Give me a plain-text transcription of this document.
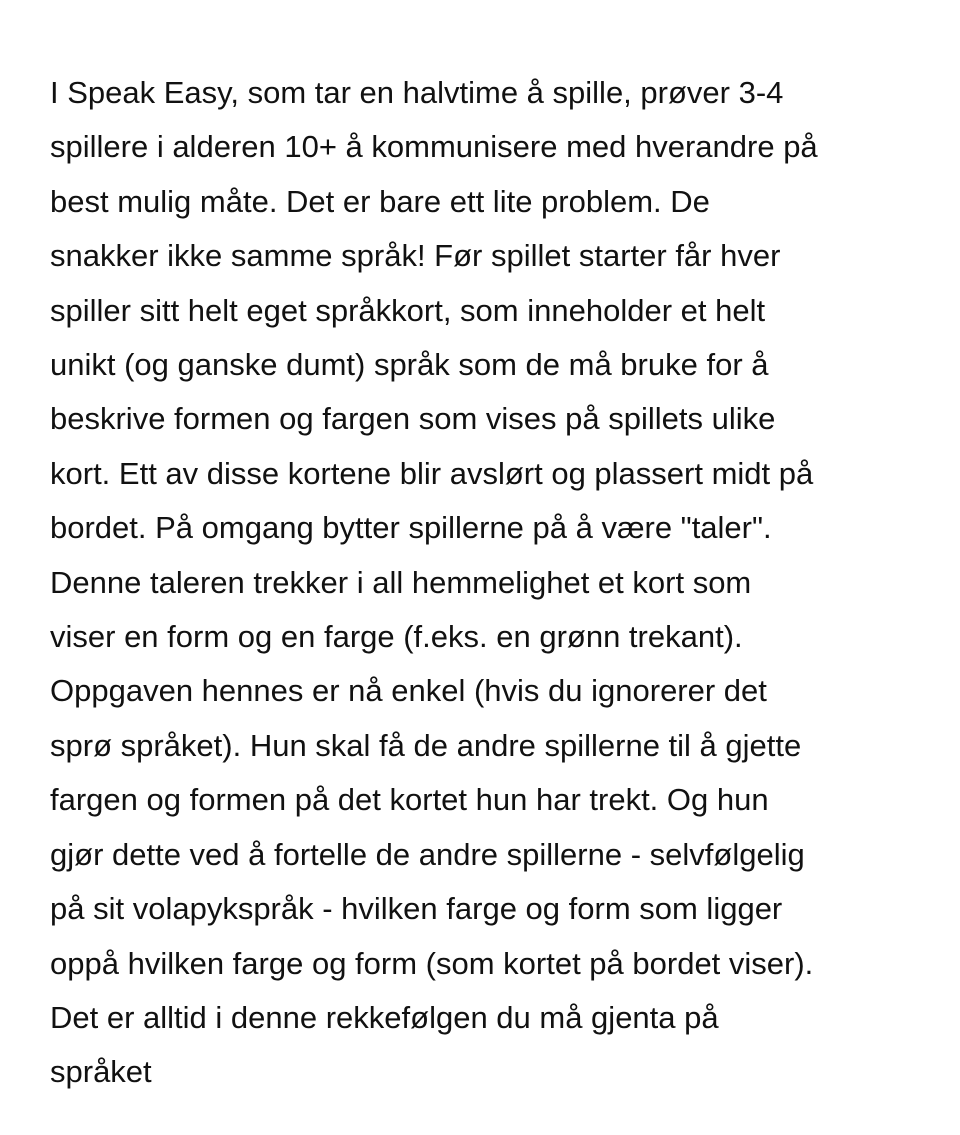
I Speak Easy, som tar en halvtime å spille, prøver 3-4
spillere i alderen 10+ å kommunisere med hverandre på
best mulig måte. Det er bare ett lite problem. De
snakker ikke samme språk! Før spillet starter får hver
spiller sitt helt eget språkkort, som inneholder et helt
unikt (og ganske dumt) språk som de må bruke for å
beskrive formen og fargen som vises på spillets ulike
kort. Ett av disse kortene blir avslørt og plassert midt på
bordet. På omgang bytter spillerne på å være "taler".
Denne taleren trekker i all hemmelighet et kort som
viser en form og en farge (f.eks. en grønn trekant).
Oppgaven hennes er nå enkel (hvis du ignorerer det
sprø språket). Hun skal få de andre spillerne til å gjette
fargen og formen på det kortet hun har trekt. Og hun
gjør dette ved å fortelle de andre spillerne - selvfølgelig
på sit volapykspråk - hvilken farge og form som ligger
oppå hvilken farge og form (som kortet på bordet viser).
Det er alltid i denne rekkefølgen du må gjenta på
språket
